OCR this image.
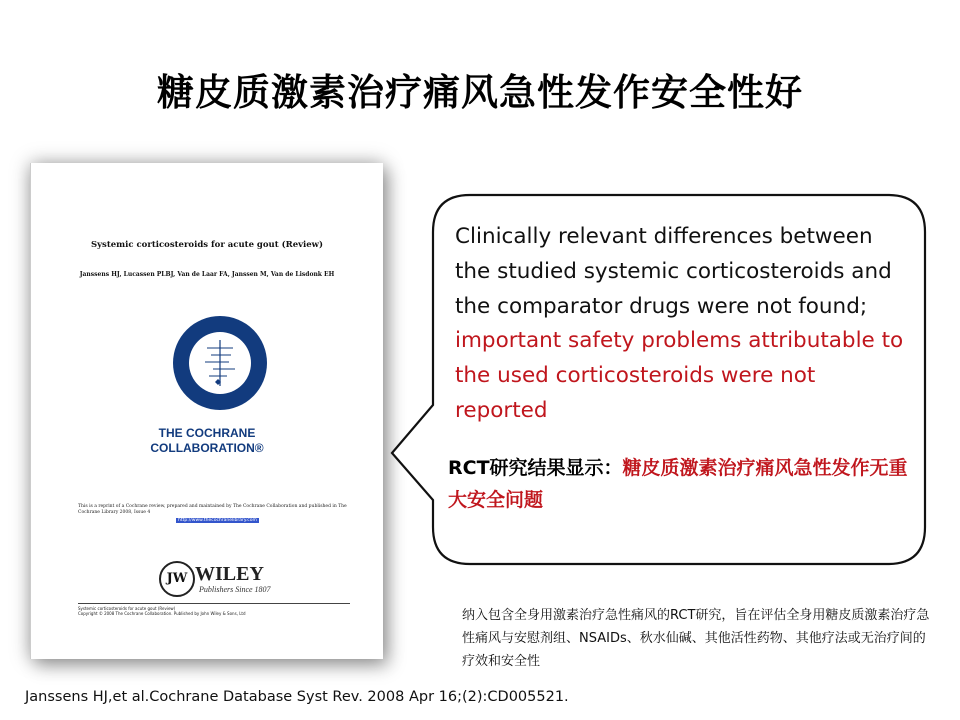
糖皮质激素治疗痛风急性发作安全性好
Systemic corticosteroids for acute gout (Review)
Janssens HJ, Lucassen PLBJ, Van de Laar FA, Janssen M, Van de Lisdonk EH
THE COCHRANE
COLLABORATION®
This is a reprint of a Cochrane review, prepared and maintained by The Cochrane Collaboration and published in The Cochrane Library 2008, Issue 4
http://www.thecochranelibrary.com
JW WILEY
Publishers Since 1807
Systemic corticosteroids for acute gout (Review)
Copyright © 2008 The Cochrane Collaboration. Published by John Wiley & Sons, Ltd
Clinically relevant differences between the studied systemic corticosteroids and the comparator drugs were not found; important safety problems attributable to the used corticosteroids were not reported
RCT研究结果显示：糖皮质激素治疗痛风急性发作无重大安全问题
纳入包含全身用激素治疗急性痛风的RCT研究，旨在评估全身用糖皮质激素治疗急性痛风与安慰剂组、NSAIDs、秋水仙碱、其他活性药物、其他疗法或无治疗间的疗效和安全性
Janssens HJ,et al.Cochrane Database Syst Rev. 2008 Apr 16;(2):CD005521.
